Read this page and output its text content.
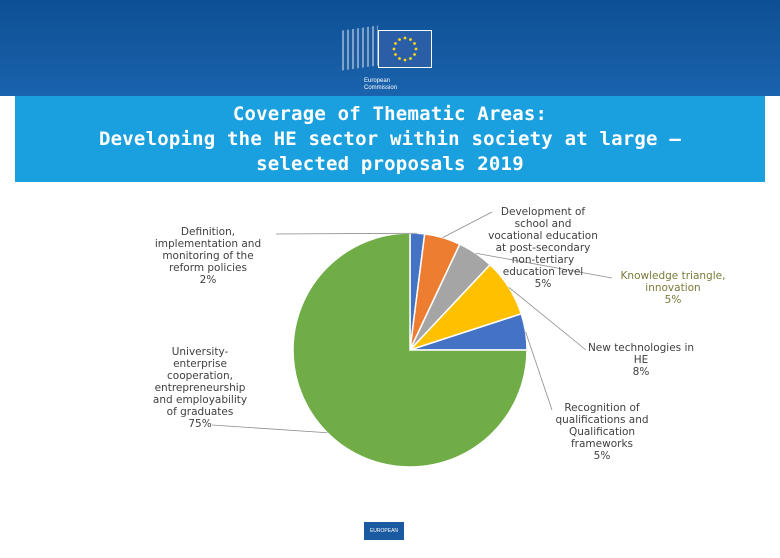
European
Commission
Coverage of Thematic Areas:
Developing the HE sector within society at large –
selected proposals 2019
Definition,
implementation and
monitoring of the
reform policies
2%
Development of
school and
vocational education
at post-secondary
non-tertiary
education level
5%
Knowledge triangle,
innovation
5%
New technologies in
HE
8%
Recognition of
qualifications and
Qualification
frameworks
5%
University-
enterprise
cooperation,
entrepreneurship
and employability
of graduates
75%
EUROPEAN COMMISSION
